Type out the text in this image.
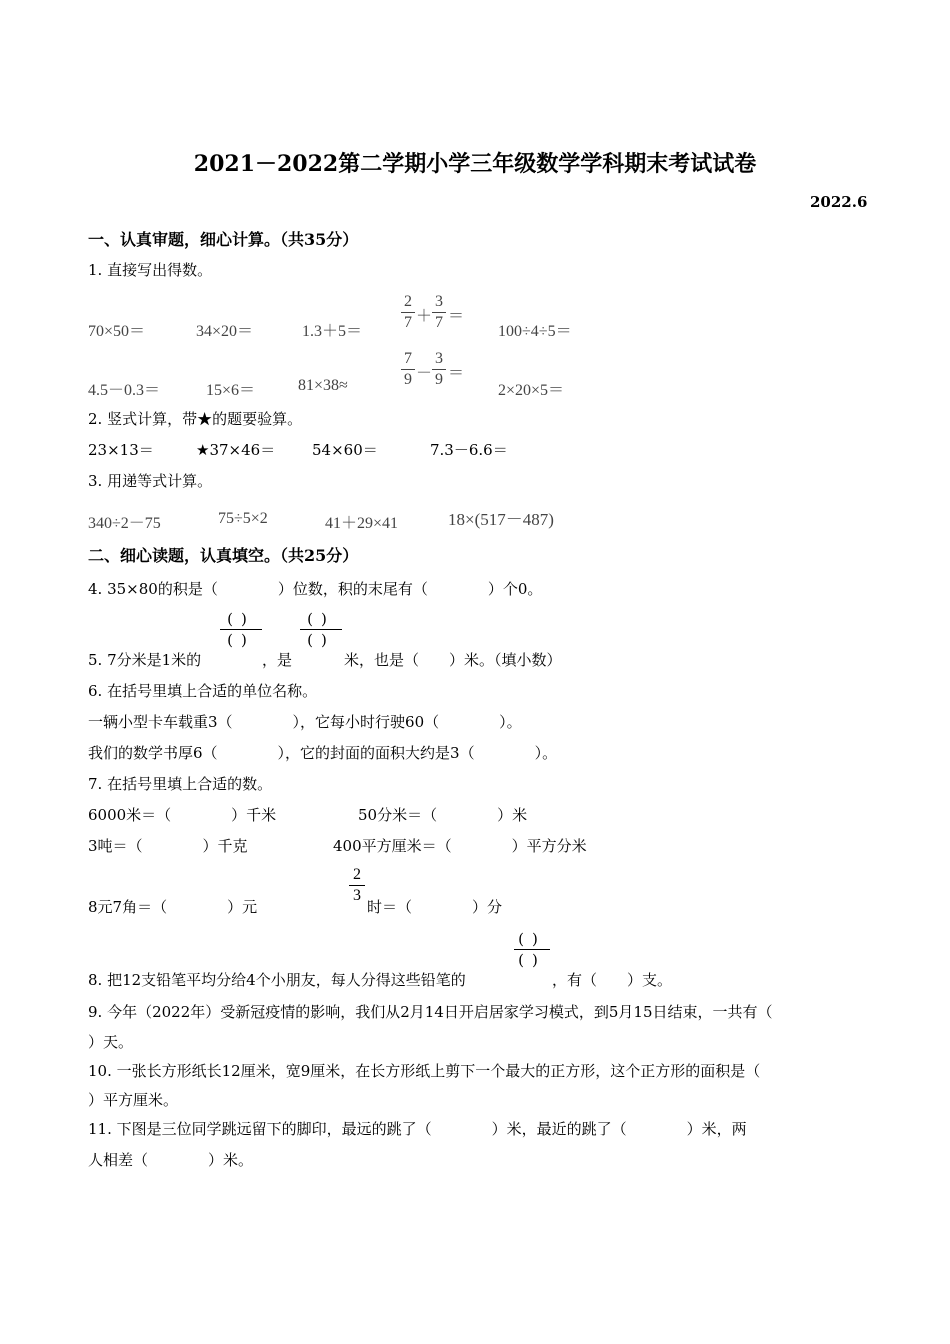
2021－2022第二学期小学三年级数学学科期末考试试卷
2022.6
一、认真审题，细心计算。（共35分）
1. 直接写出得数。
70×50＝	34×20＝	1.3＋5＝
2
7 ＋
3
7 ＝
100÷4÷5＝
4.5－0.3＝	15×6＝	81×38≈
7
9 －
3
9 ＝
2×20×5＝
2. 竖式计算，带★的题要验算。
23×13＝	★37×46＝ 54×60＝	7.3－6.6＝
3. 用递等式计算。
340÷2－75	75÷5×2	41＋29×41	18×(517－487)
二、细心读题，认真填空。（共25分）
4. 35×80的积是（　　　　）位数，积的末尾有（　　　　）个0。
5. 7分米是1米的
()
()
，是
()
()
米，也是（　　）米。（填小数）
6. 在括号里填上合适的单位名称。
一辆小型卡车载重3（　　　　），它每小时行驶60（　　　　）。
我们的数学书厚6（　　　　），它的封面的面积大约是3（　　　　）。
7. 在括号里填上合适的数。
6000米＝（　　　　）千米	50分米＝（　　　　）米
3吨＝（　　　　）千克	400平方厘米＝（　　　　）平方分米
8元7角＝（　　　　）元
2
3
时＝（　　　　）分
8. 把12支铅笔平均分给4个小朋友，每人分得这些铅笔的
()
()
，有（　　）支。
9. 今年（2022年）受新冠疫情的影响，我们从2月14日开启居家学习模式，到5月15日结束，一共有（
）天。
10. 一张长方形纸长12厘米，宽9厘米，在长方形纸上剪下一个最大的正方形，这个正方形的面积是（
）平方厘米。
11. 下图是三位同学跳远留下的脚印，最远的跳了（　　　　）米，最近的跳了（　　　　）米，两
人相差（　　　　）米。
